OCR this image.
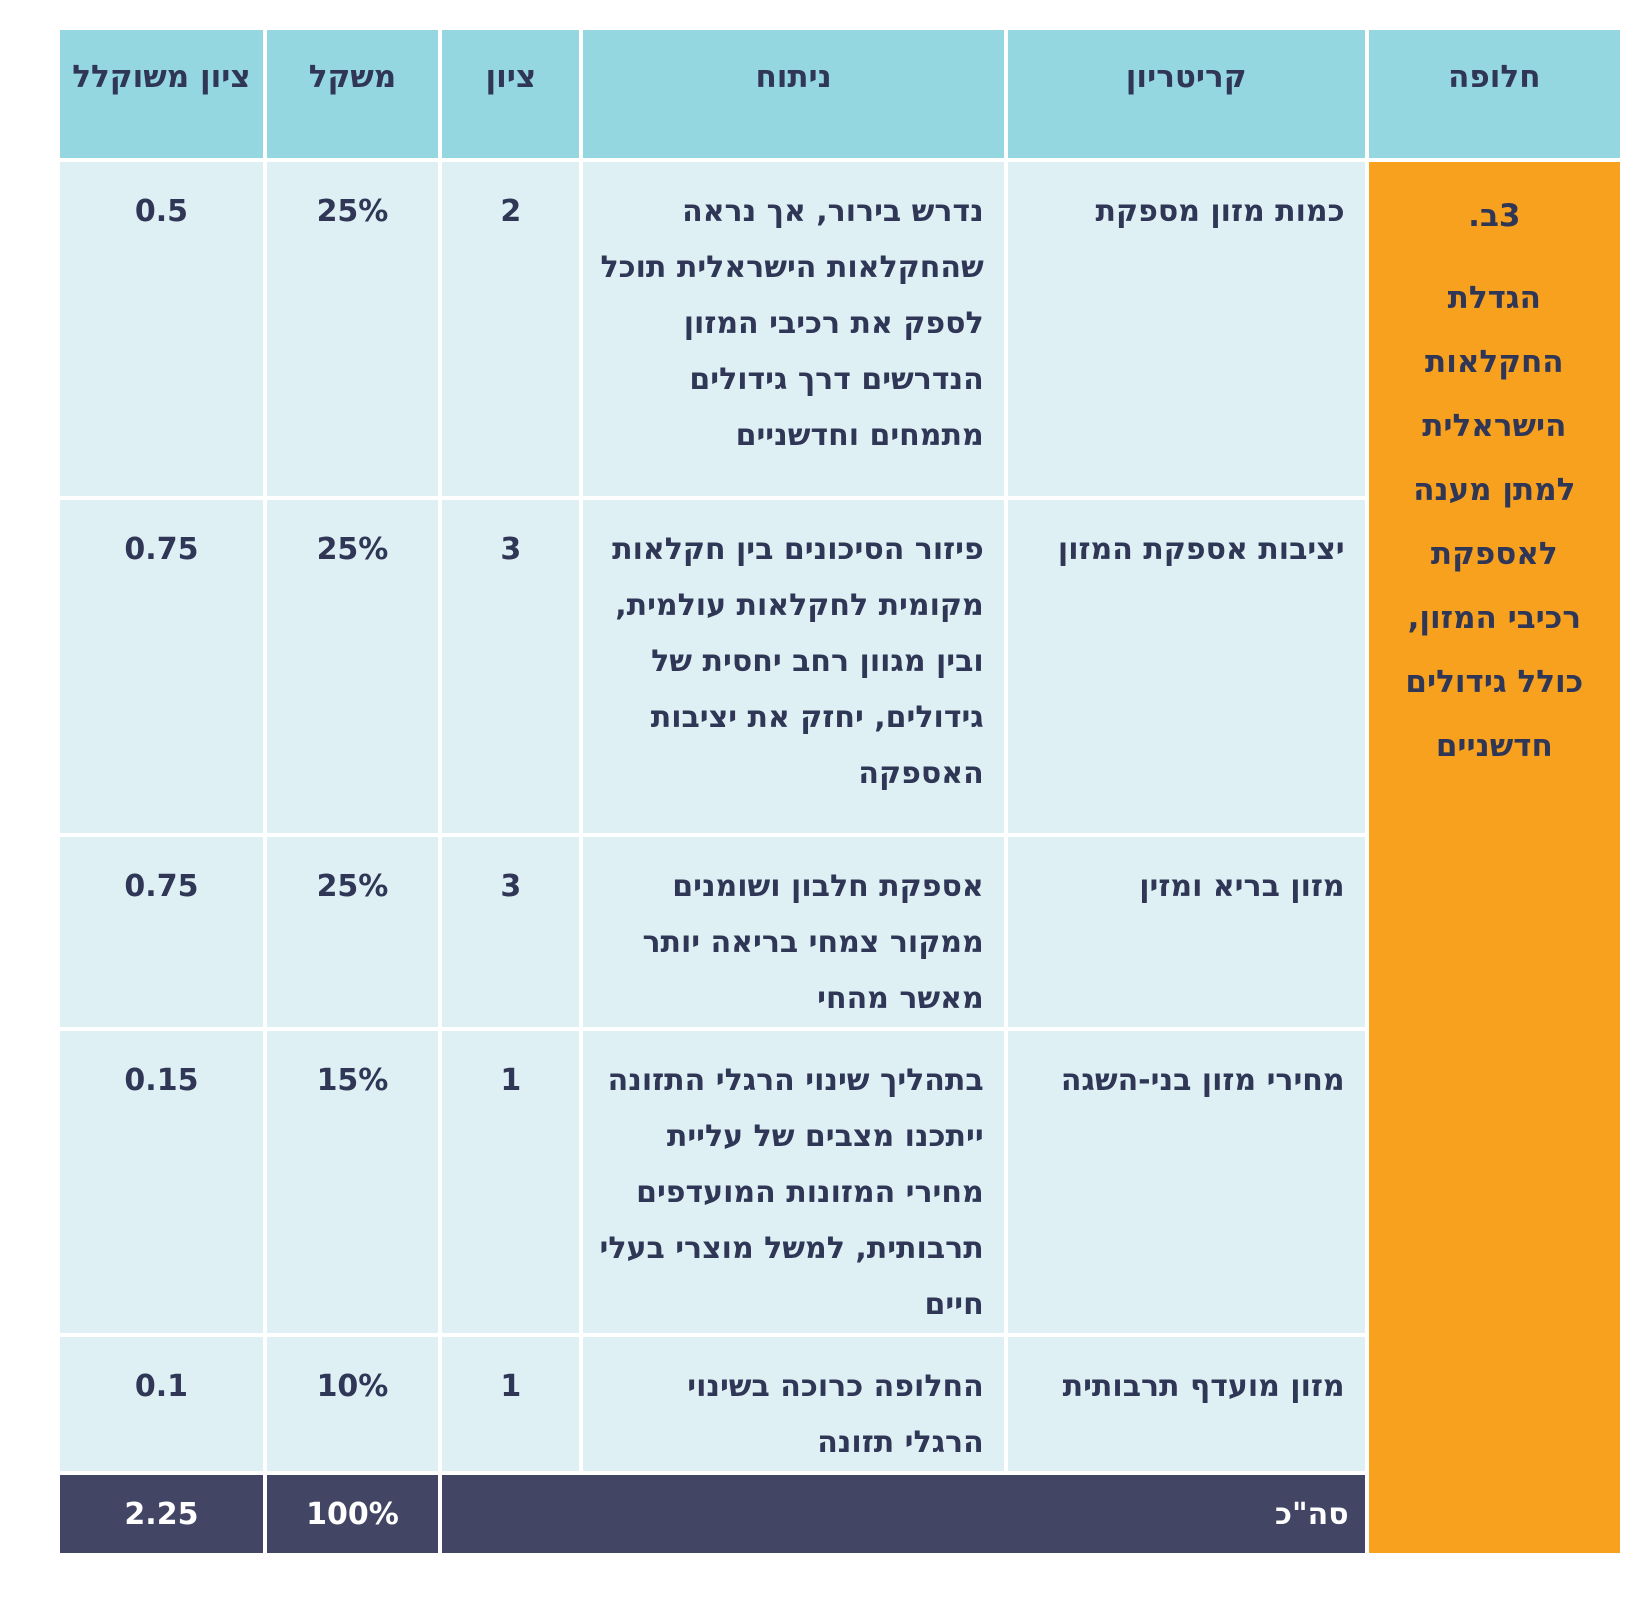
חלופה	קריטריון	ניתוח	ציון	משקל	ציון משוקלל

3ב.
הגדלת החקלאות הישראלית למתן מענה לאספקת רכיבי המזון, כולל גידולים חדשניים	כמות מזון מספקת	נדרש בירור, אך נראה שהחקלאות הישראלית תוכל לספק את רכיבי המזון הנדרשים דרך גידולים מתמחים וחדשניים	2	25%	0.5
	יציבות אספקת המזון	פיזור הסיכונים בין חקלאות מקומית לחקלאות עולמית, ובין מגוון רחב יחסית של גידולים, יחזק את יציבות האספקה	3	25%	0.75
	מזון בריא ומזין	אספקת חלבון ושומנים ממקור צמחי בריאה יותר מאשר מהחי	3	25%	0.75
	מחירי מזון בני-השגה	בתהליך שינוי הרגלי התזונה ייתכנו מצבים של עליית מחירי המזונות המועדפים תרבותית, למשל מוצרי בעלי חיים	1	15%	0.15
	מזון מועדף תרבותית	החלופה כרוכה בשינוי הרגלי תזונה	1	10%	0.1
	סה"כ			100%	2.25
